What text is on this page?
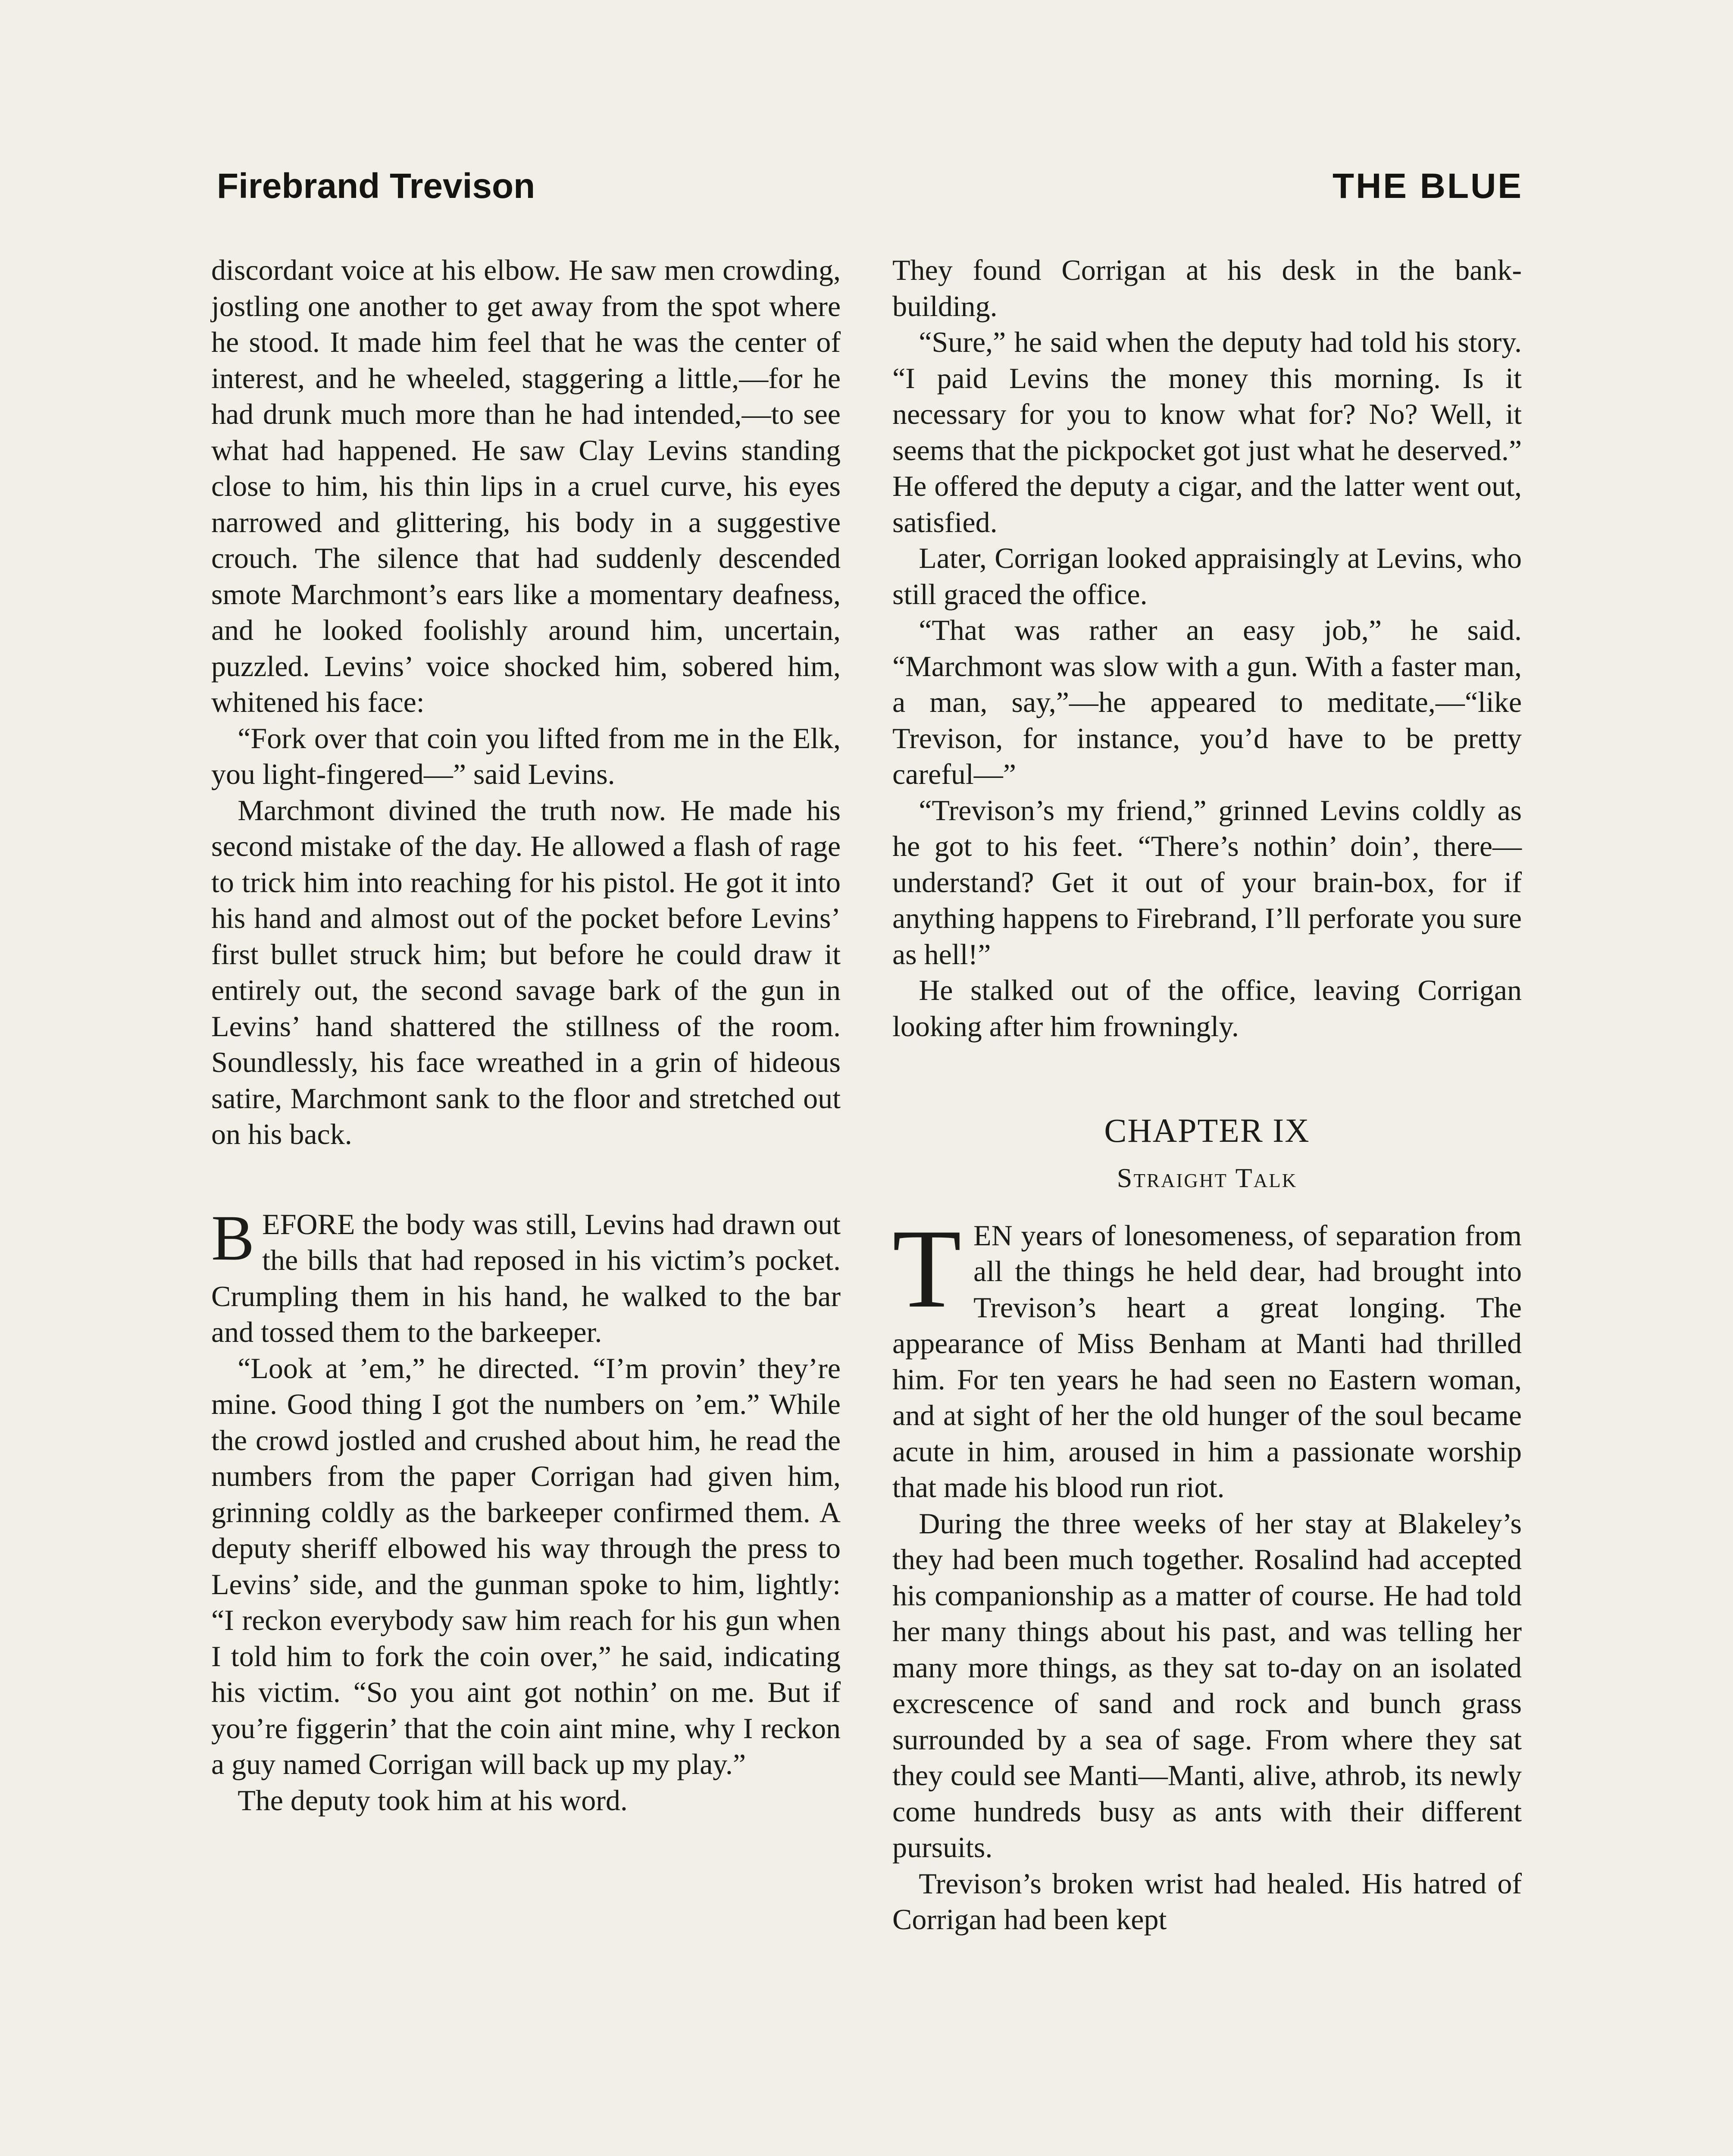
Firebrand Trevison	THE BLUE

discordant voice at his elbow. He saw men crowding, jostling one another to get away from the spot where he stood. It made him feel that he was the center of interest, and he wheeled, staggering a little,—for he had drunk much more than he had intended,—to see what had happened. He saw Clay Levins standing close to him, his thin lips in a cruel curve, his eyes narrowed and glittering, his body in a suggestive crouch. The silence that had suddenly descended smote Marchmont’s ears like a momentary deafness, and he looked foolishly around him, uncertain, puzzled. Levins’ voice shocked him, sobered him, whitened his face:

“Fork over that coin you lifted from me in the Elk, you light-fingered—” said Levins.

Marchmont divined the truth now. He made his second mistake of the day. He allowed a flash of rage to trick him into reaching for his pistol. He got it into his hand and almost out of the pocket before Levins’ first bullet struck him; but before he could draw it entirely out, the second savage bark of the gun in Levins’ hand shattered the stillness of the room. Soundlessly, his face wreathed in a grin of hideous satire, Marchmont sank to the floor and stretched out on his back.

BEFORE the body was still, Levins had drawn out the bills that had reposed in his victim’s pocket. Crumpling them in his hand, he walked to the bar and tossed them to the barkeeper.

“Look at ’em,” he directed. “I’m provin’ they’re mine. Good thing I got the numbers on ’em.” While the crowd jostled and crushed about him, he read the numbers from the paper Corrigan had given him, grinning coldly as the barkeeper confirmed them. A deputy sheriff elbowed his way through the press to Levins’ side, and the gunman spoke to him, lightly: “I reckon everybody saw him reach for his gun when I told him to fork the coin over,” he said, indicating his victim. “So you aint got nothin’ on me. But if you’re figgerin’ that the coin aint mine, why I reckon a guy named Corrigan will back up my play.”

The deputy took him at his word.

They found Corrigan at his desk in the bank-building.

“Sure,” he said when the deputy had told his story. “I paid Levins the money this morning. Is it necessary for you to know what for? No? Well, it seems that the pickpocket got just what he deserved.” He offered the deputy a cigar, and the latter went out, satisfied.

Later, Corrigan looked appraisingly at Levins, who still graced the office.

“That was rather an easy job,” he said. “Marchmont was slow with a gun. With a faster man, a man, say,”—he appeared to meditate,—“like Trevison, for instance, you’d have to be pretty careful—”

“Trevison’s my friend,” grinned Levins coldly as he got to his feet. “There’s nothin’ doin’, there—understand? Get it out of your brain-box, for if anything happens to Firebrand, I’ll perforate you sure as hell!”

He stalked out of the office, leaving Corrigan looking after him frowningly.

CHAPTER IX
Straight Talk

TEN years of lonesomeness, of separation from all the things he held dear, had brought into Trevison’s heart a great longing. The appearance of Miss Benham at Manti had thrilled him. For ten years he had seen no Eastern woman, and at sight of her the old hunger of the soul became acute in him, aroused in him a passionate worship that made his blood run riot.

During the three weeks of her stay at Blakeley’s they had been much together. Rosalind had accepted his companionship as a matter of course. He had told her many things about his past, and was telling her many more things, as they sat to-day on an isolated excrescence of sand and rock and bunch grass surrounded by a sea of sage. From where they sat they could see Manti—Manti, alive, athrob, its newly come hundreds busy as ants with their different pursuits.

Trevison’s broken wrist had healed. His hatred of Corrigan had been kept
